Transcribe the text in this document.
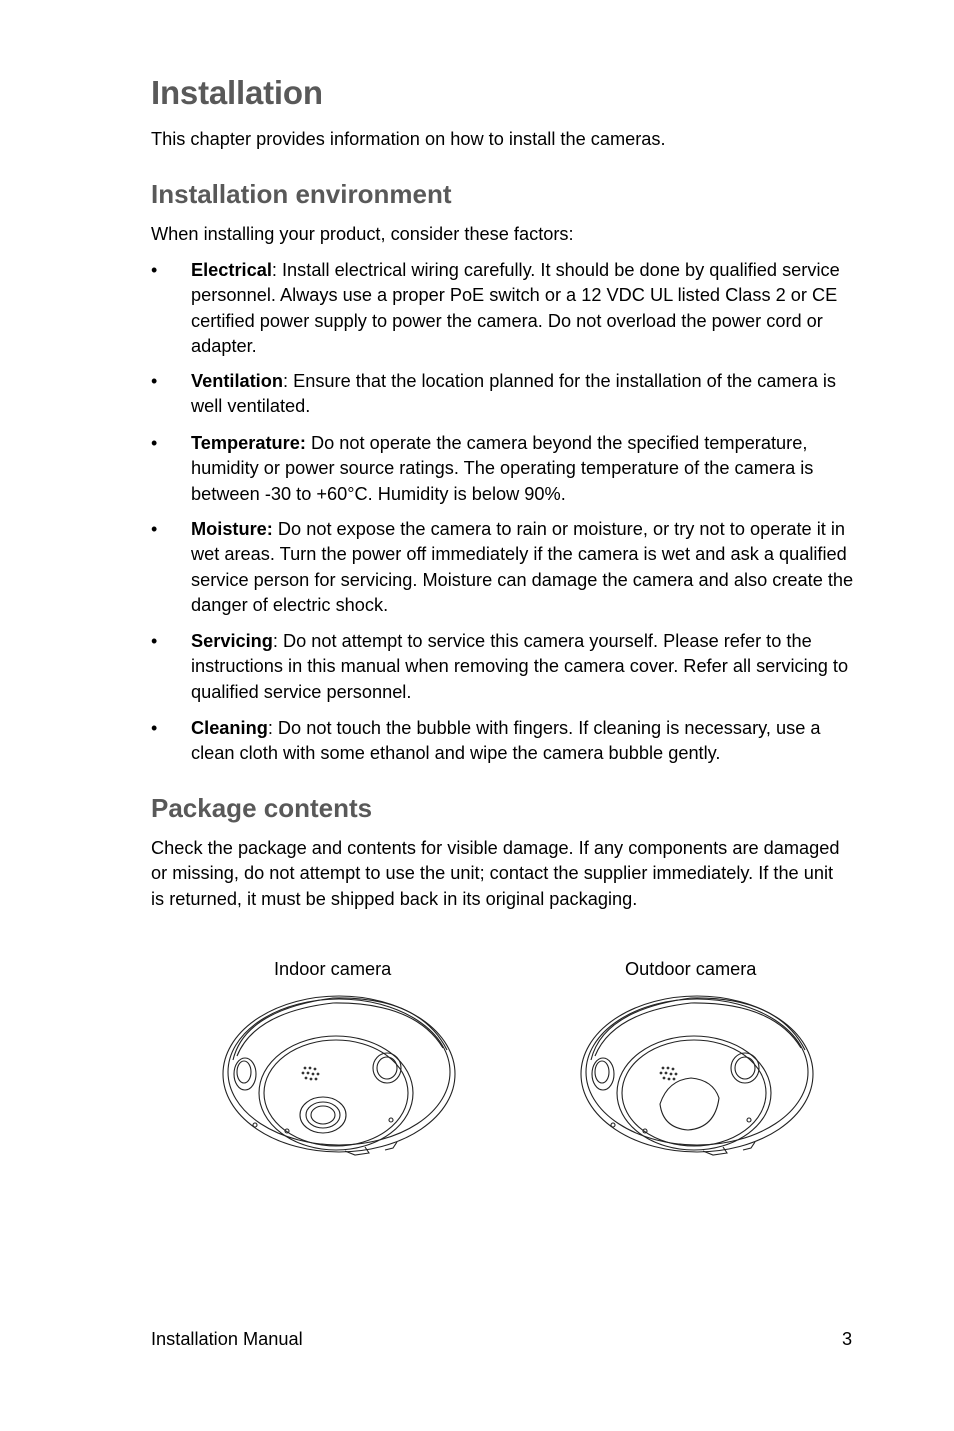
Installation

This chapter provides information on how to install the cameras.

Installation environment

When installing your product, consider these factors:

• Electrical: Install electrical wiring carefully. It should be done by qualified service personnel. Always use a proper PoE switch or a 12 VDC UL listed Class 2 or CE certified power supply to power the camera. Do not overload the power cord or adapter.
• Ventilation: Ensure that the location planned for the installation of the camera is well ventilated.
• Temperature: Do not operate the camera beyond the specified temperature, humidity or power source ratings. The operating temperature of the camera is between -30 to +60°C. Humidity is below 90%.
• Moisture: Do not expose the camera to rain or moisture, or try not to operate it in wet areas. Turn the power off immediately if the camera is wet and ask a qualified service person for servicing. Moisture can damage the camera and also create the danger of electric shock.
• Servicing: Do not attempt to service this camera yourself. Please refer to the instructions in this manual when removing the camera cover. Refer all servicing to qualified service personnel.
• Cleaning: Do not touch the bubble with fingers. If cleaning is necessary, use a clean cloth with some ethanol and wipe the camera bubble gently.
Package contents

Check the package and contents for visible damage. If any components are damaged or missing, do not attempt to use the unit; contact the supplier immediately. If the unit is returned, it must be shipped back in its original packaging.

Indoor camera	Outdoor camera
Installation Manual	3
